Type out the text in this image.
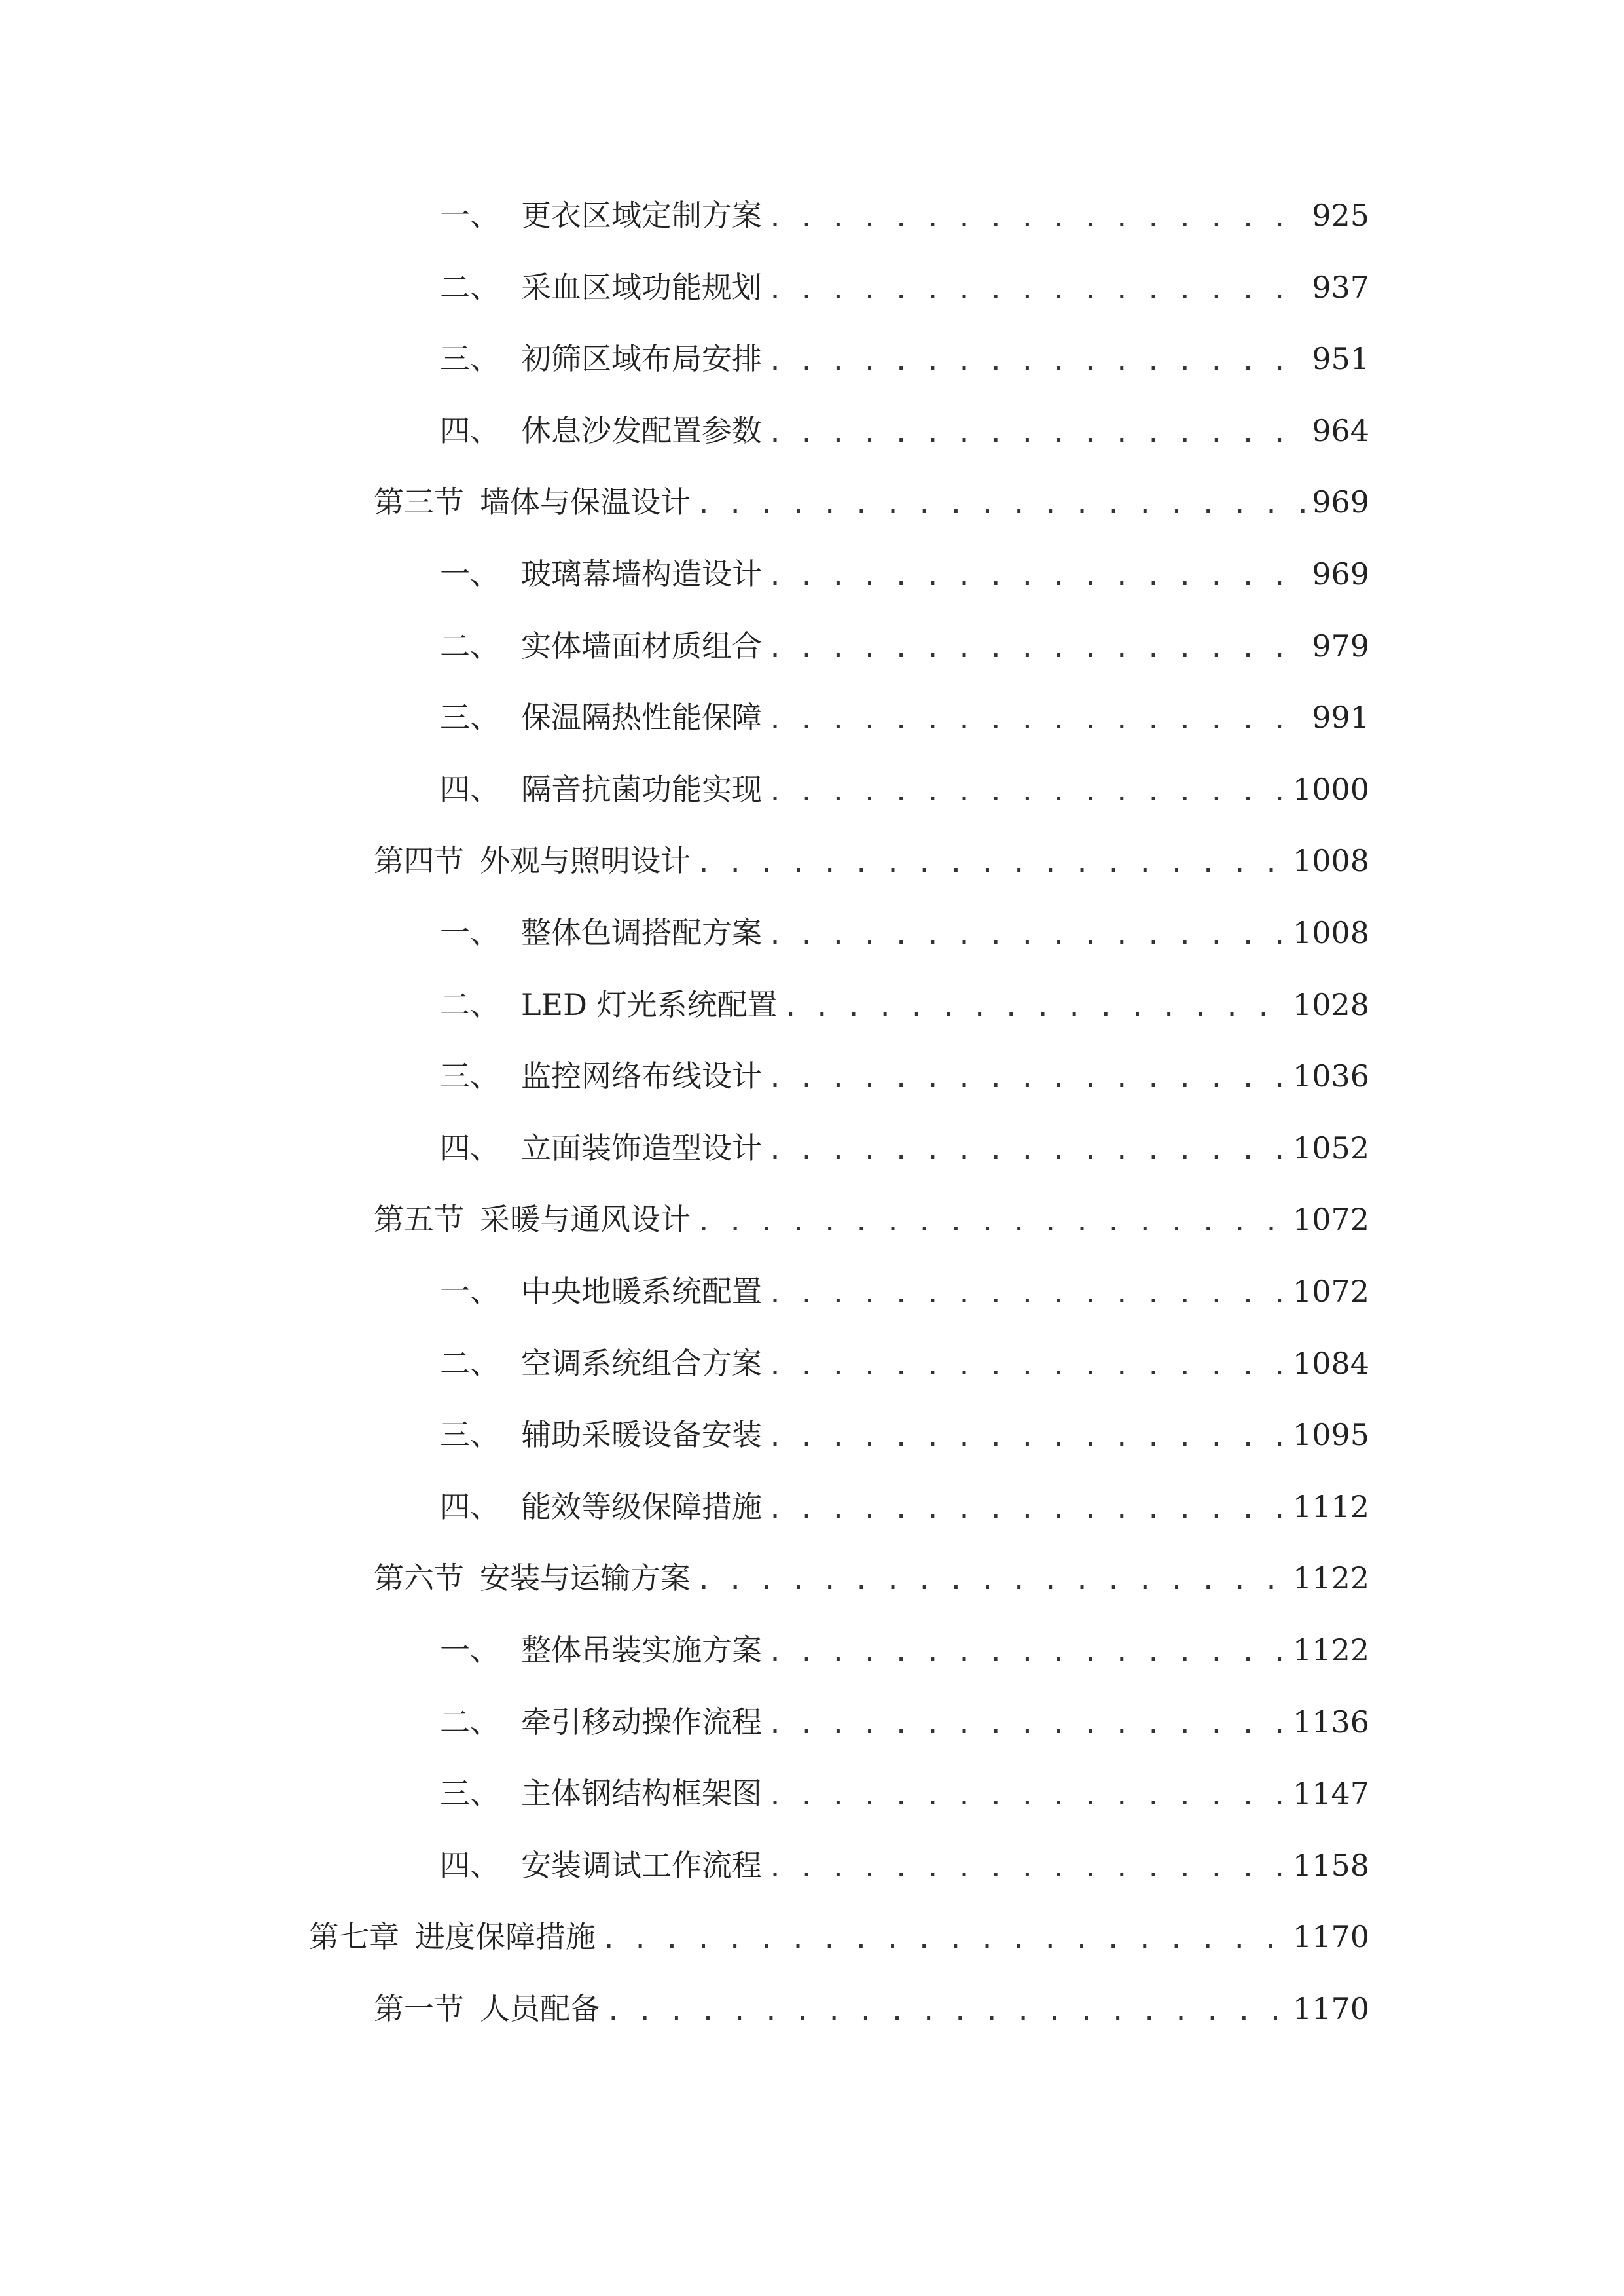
一、 更衣区域定制方案 . . .	925
二、 采血区域功能规划 . . .	937
三、 初筛区域布局安排 . . .	951
四、 休息沙发配置参数 . . .	964
第三节 墙体与保温设计 . . .	969
一、 玻璃幕墙构造设计 . . .	969
二、 实体墙面材质组合 . . .	979
三、 保温隔热性能保障 . . .	991
四、 隔音抗菌功能实现 . . .	1000
第四节 外观与照明设计 . . .	1008
一、 整体色调搭配方案 . . .	1008
二、 LED 灯光系统配置 . . .	1028
三、 监控网络布线设计 . . .	1036
四、 立面装饰造型设计 . . .	1052
第五节 采暖与通风设计 . . .	1072
一、 中央地暖系统配置 . . .	1072
二、 空调系统组合方案 . . .	1084
三、 辅助采暖设备安装 . . .	1095
四、 能效等级保障措施 . . .	1112
第六节 安装与运输方案 . . .	1122
一、 整体吊装实施方案 . . .	1122
二、 牵引移动操作流程 . . .	1136
三、 主体钢结构框架图 . . .	1147
四、 安装调试工作流程 . . .	1158
第七章 进度保障措施 . . .	1170
第一节 人员配备 . . .	1170
